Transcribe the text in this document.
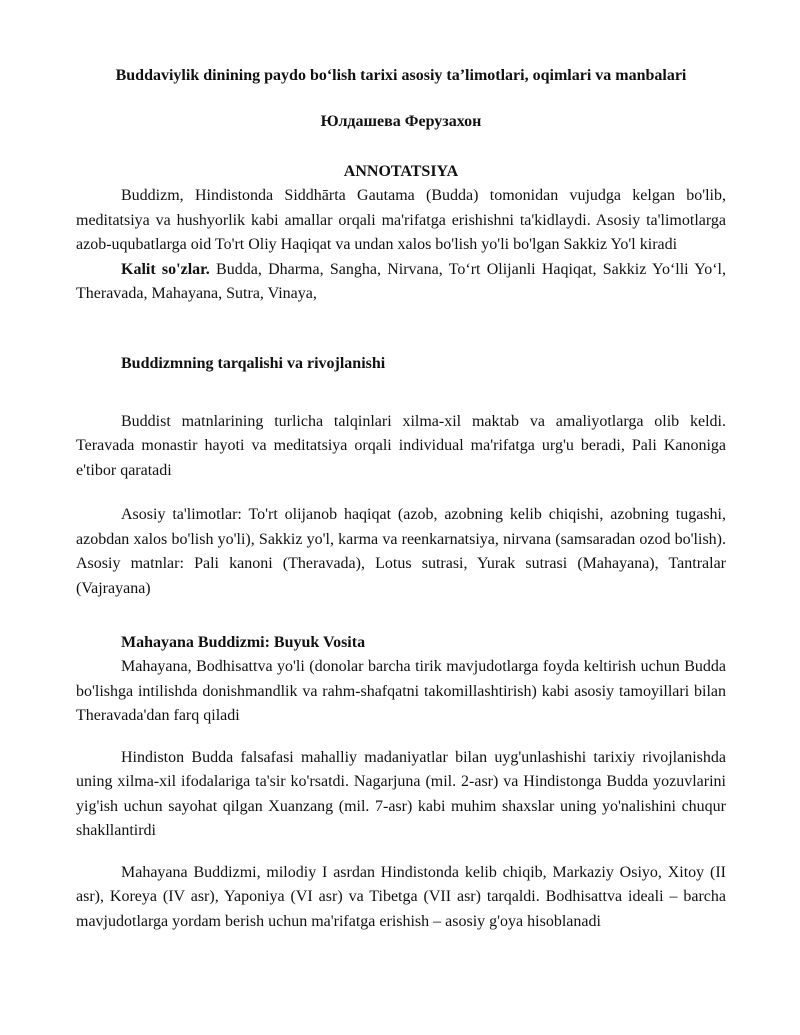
Buddaviylik dinining paydo boʻlish tarixi asosiy taʼlimotlari, oqimlari va manbalari
Юлдашева Ферузахон
ANNOTATSIYA

Buddizm, Hindistonda Siddhārta Gautama (Budda) tomonidan vujudga kelgan bo'lib, meditatsiya va hushyorlik kabi amallar orqali ma'rifatga erishishni ta'kidlaydi. Asosiy ta'limotlarga azob-uqubatlarga oid To'rt Oliy Haqiqat va undan xalos bo'lish yo'li bo'lgan Sakkiz Yo'l kiradi

Kalit so'zlar. Budda, Dharma, Sangha, Nirvana, Toʻrt Olijanli Haqiqat, Sakkiz Yoʻlli Yoʻl, Theravada, Mahayana, Sutra, Vinaya,

Buddizmning tarqalishi va rivojlanishi

Buddist matnlarining turlicha talqinlari xilma-xil maktab va amaliyotlarga olib keldi. Teravada monastir hayoti va meditatsiya orqali individual ma'rifatga urg'u beradi, Pali Kanoniga e'tibor qaratadi

Asosiy ta'limotlar: To'rt olijanob haqiqat (azob, azobning kelib chiqishi, azobning tugashi, azobdan xalos bo'lish yo'li), Sakkiz yo'l, karma va reenkarnatsiya, nirvana (samsaradan ozod bo'lish). Asosiy matnlar: Pali kanoni (Theravada), Lotus sutrasi, Yurak sutrasi (Mahayana), Tantralar (Vajrayana)

Mahayana Buddizmi: Buyuk Vosita

Mahayana, Bodhisattva yo'li (donolar barcha tirik mavjudotlarga foyda keltirish uchun Budda bo'lishga intilishda donishmandlik va rahm-shafqatni takomillashtirish) kabi asosiy tamoyillari bilan Theravada'dan farq qiladi

Hindiston Budda falsafasi mahalliy madaniyatlar bilan uyg'unlashishi tarixiy rivojlanishda uning xilma-xil ifodalariga ta'sir ko'rsatdi. Nagarjuna (mil. 2-asr) va Hindistonga Budda yozuvlarini yig'ish uchun sayohat qilgan Xuanzang (mil. 7-asr) kabi muhim shaxslar uning yo'nalishini chuqur shakllantirdi

Mahayana Buddizmi, milodiy I asrdan Hindistonda kelib chiqib, Markaziy Osiyo, Xitoy (II asr), Koreya (IV asr), Yaponiya (VI asr) va Tibetga (VII asr) tarqaldi. Bodhisattva ideali – barcha mavjudotlarga yordam berish uchun ma'rifatga erishish – asosiy g'oya hisoblanadi
